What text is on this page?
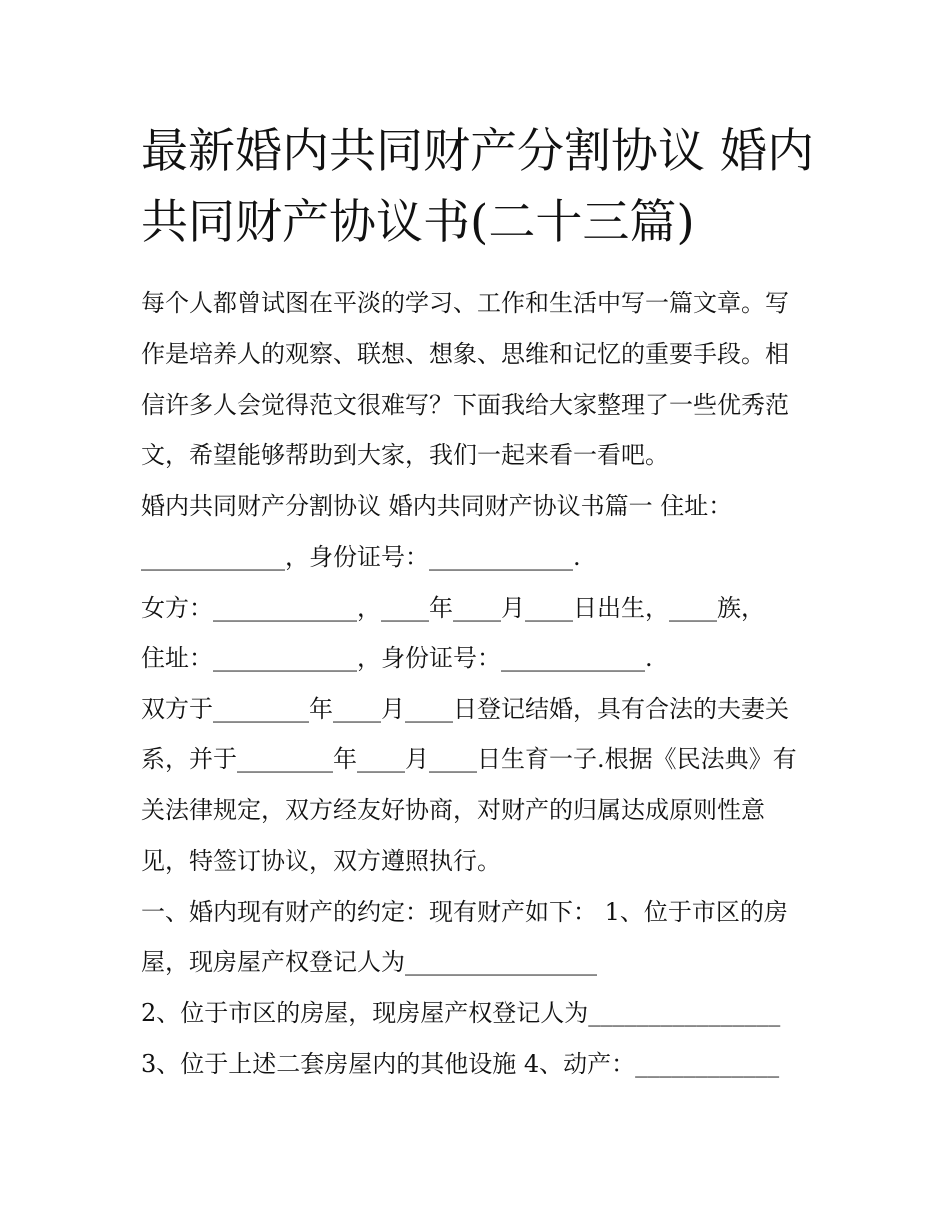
最新婚内共同财产分割协议 婚内共同财产协议书(二十三篇)

每个人都曾试图在平淡的学习、工作和生活中写一篇文章。写

作是培养人的观察、联想、想象、思维和记忆的重要手段。相

信许多人会觉得范文很难写？下面我给大家整理了一些优秀范

文，希望能够帮助到大家，我们一起来看一看吧。

婚内共同财产分割协议 婚内共同财产协议书篇一 住址：

____________，身份证号：____________.

女方：____________，____年____月____日出生，____族，

住址：____________，身份证号：____________.

双方于________年____月____日登记结婚，具有合法的夫妻关

系，并于________年____月____日生育一子.根据《民法典》有

关法律规定，双方经友好协商，对财产的归属达成原则性意

见，特签订协议，双方遵照执行。

一、婚内现有财产的约定：现有财产如下： 1、位于市区的房

屋，现房屋产权登记人为________________

2、位于市区的房屋，现房屋产权登记人为________________

3、位于上述二套房屋内的其他设施 4、动产：____________
